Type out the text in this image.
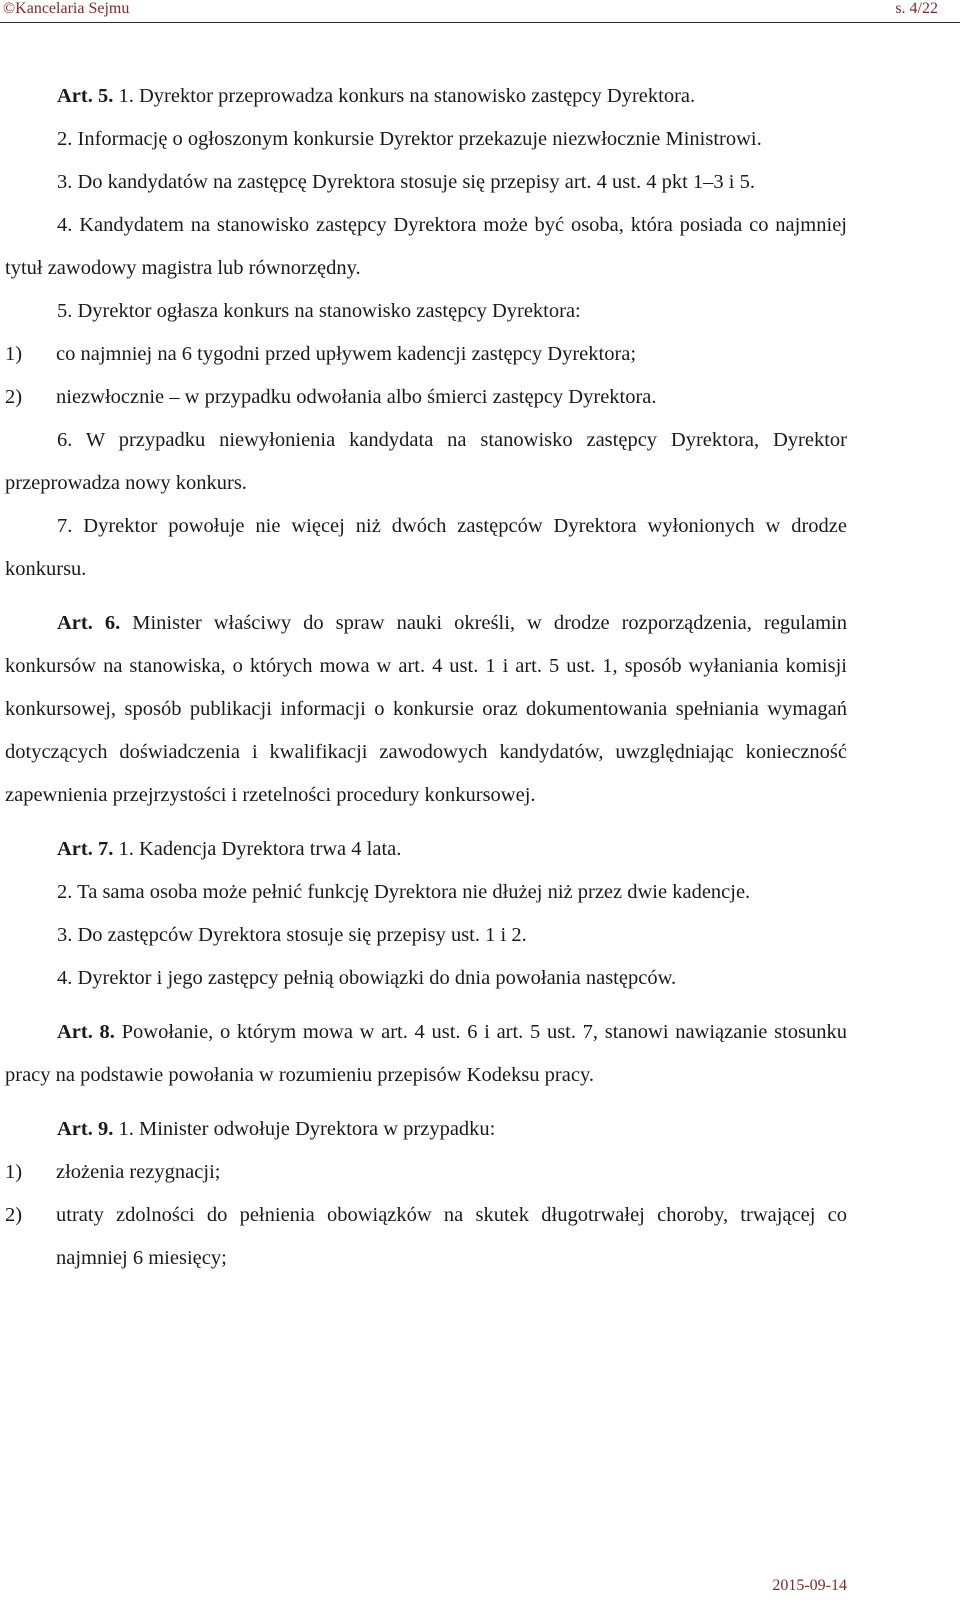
©Kancelaria Sejmu	s. 4/22

Art. 5. 1. Dyrektor przeprowadza konkurs na stanowisko zastępcy Dyrektora.

2. Informację o ogłoszonym konkursie Dyrektor przekazuje niezwłocznie Ministrowi.

3. Do kandydatów na zastępcę Dyrektora stosuje się przepisy art. 4 ust. 4 pkt 1–3 i 5.

4. Kandydatem na stanowisko zastępcy Dyrektora może być osoba, która posiada co najmniej tytuł zawodowy magistra lub równorzędny.

5. Dyrektor ogłasza konkurs na stanowisko zastępcy Dyrektora:

1) co najmniej na 6 tygodni przed upływem kadencji zastępcy Dyrektora;

2) niezwłocznie – w przypadku odwołania albo śmierci zastępcy Dyrektora.

6. W przypadku niewyłonienia kandydata na stanowisko zastępcy Dyrektora, Dyrektor przeprowadza nowy konkurs.

7. Dyrektor powołuje nie więcej niż dwóch zastępców Dyrektora wyłonionych w drodze konkursu.

Art. 6. Minister właściwy do spraw nauki określi, w drodze rozporządzenia, regulamin konkursów na stanowiska, o których mowa w art. 4 ust. 1 i art. 5 ust. 1, sposób wyłaniania komisji konkursowej, sposób publikacji informacji o konkursie oraz dokumentowania spełniania wymagań dotyczących doświadczenia i kwalifikacji zawodowych kandydatów, uwzględniając konieczność zapewnienia przejrzystości i rzetelności procedury konkursowej.

Art. 7. 1. Kadencja Dyrektora trwa 4 lata.

2. Ta sama osoba może pełnić funkcję Dyrektora nie dłużej niż przez dwie kadencje.

3. Do zastępców Dyrektora stosuje się przepisy ust. 1 i 2.

4. Dyrektor i jego zastępcy pełnią obowiązki do dnia powołania następców.

Art. 8. Powołanie, o którym mowa w art. 4 ust. 6 i art. 5 ust. 7, stanowi nawiązanie stosunku pracy na podstawie powołania w rozumieniu przepisów Kodeksu pracy.

Art. 9. 1. Minister odwołuje Dyrektora w przypadku:

1) złożenia rezygnacji;

2) utraty zdolności do pełnienia obowiązków na skutek długotrwałej choroby, trwającej co najmniej 6 miesięcy;

2015-09-14
